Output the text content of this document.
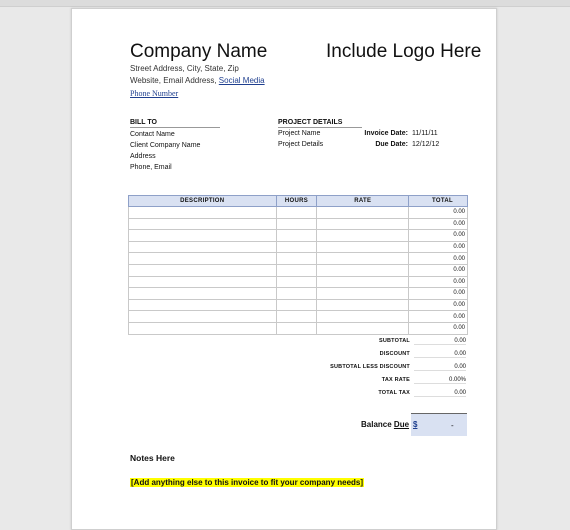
Company Name	Include Logo Here
Street Address, City, State, Zip
Website, Email Address, Social Media
Phone Number
BILL TO
Contact Name
Client Company Name
Address
Phone, Email
PROJECT DETAILS
Project Name
Project Details
Invoice Date: 11/11/11
Due Date: 12/12/12
DESCRIPTION	HOURS	RATE	TOTAL
			0.00
			0.00
			0.00
			0.00
			0.00
			0.00
			0.00
			0.00
			0.00
			0.00
			0.00
SUBTOTAL	0.00
DISCOUNT	0.00
SUBTOTAL LESS DISCOUNT	0.00
TAX RATE	0.00%
TOTAL TAX	0.00
Balance Due $	-
Notes Here
[Add anything else to this invoice to fit your company needs]
